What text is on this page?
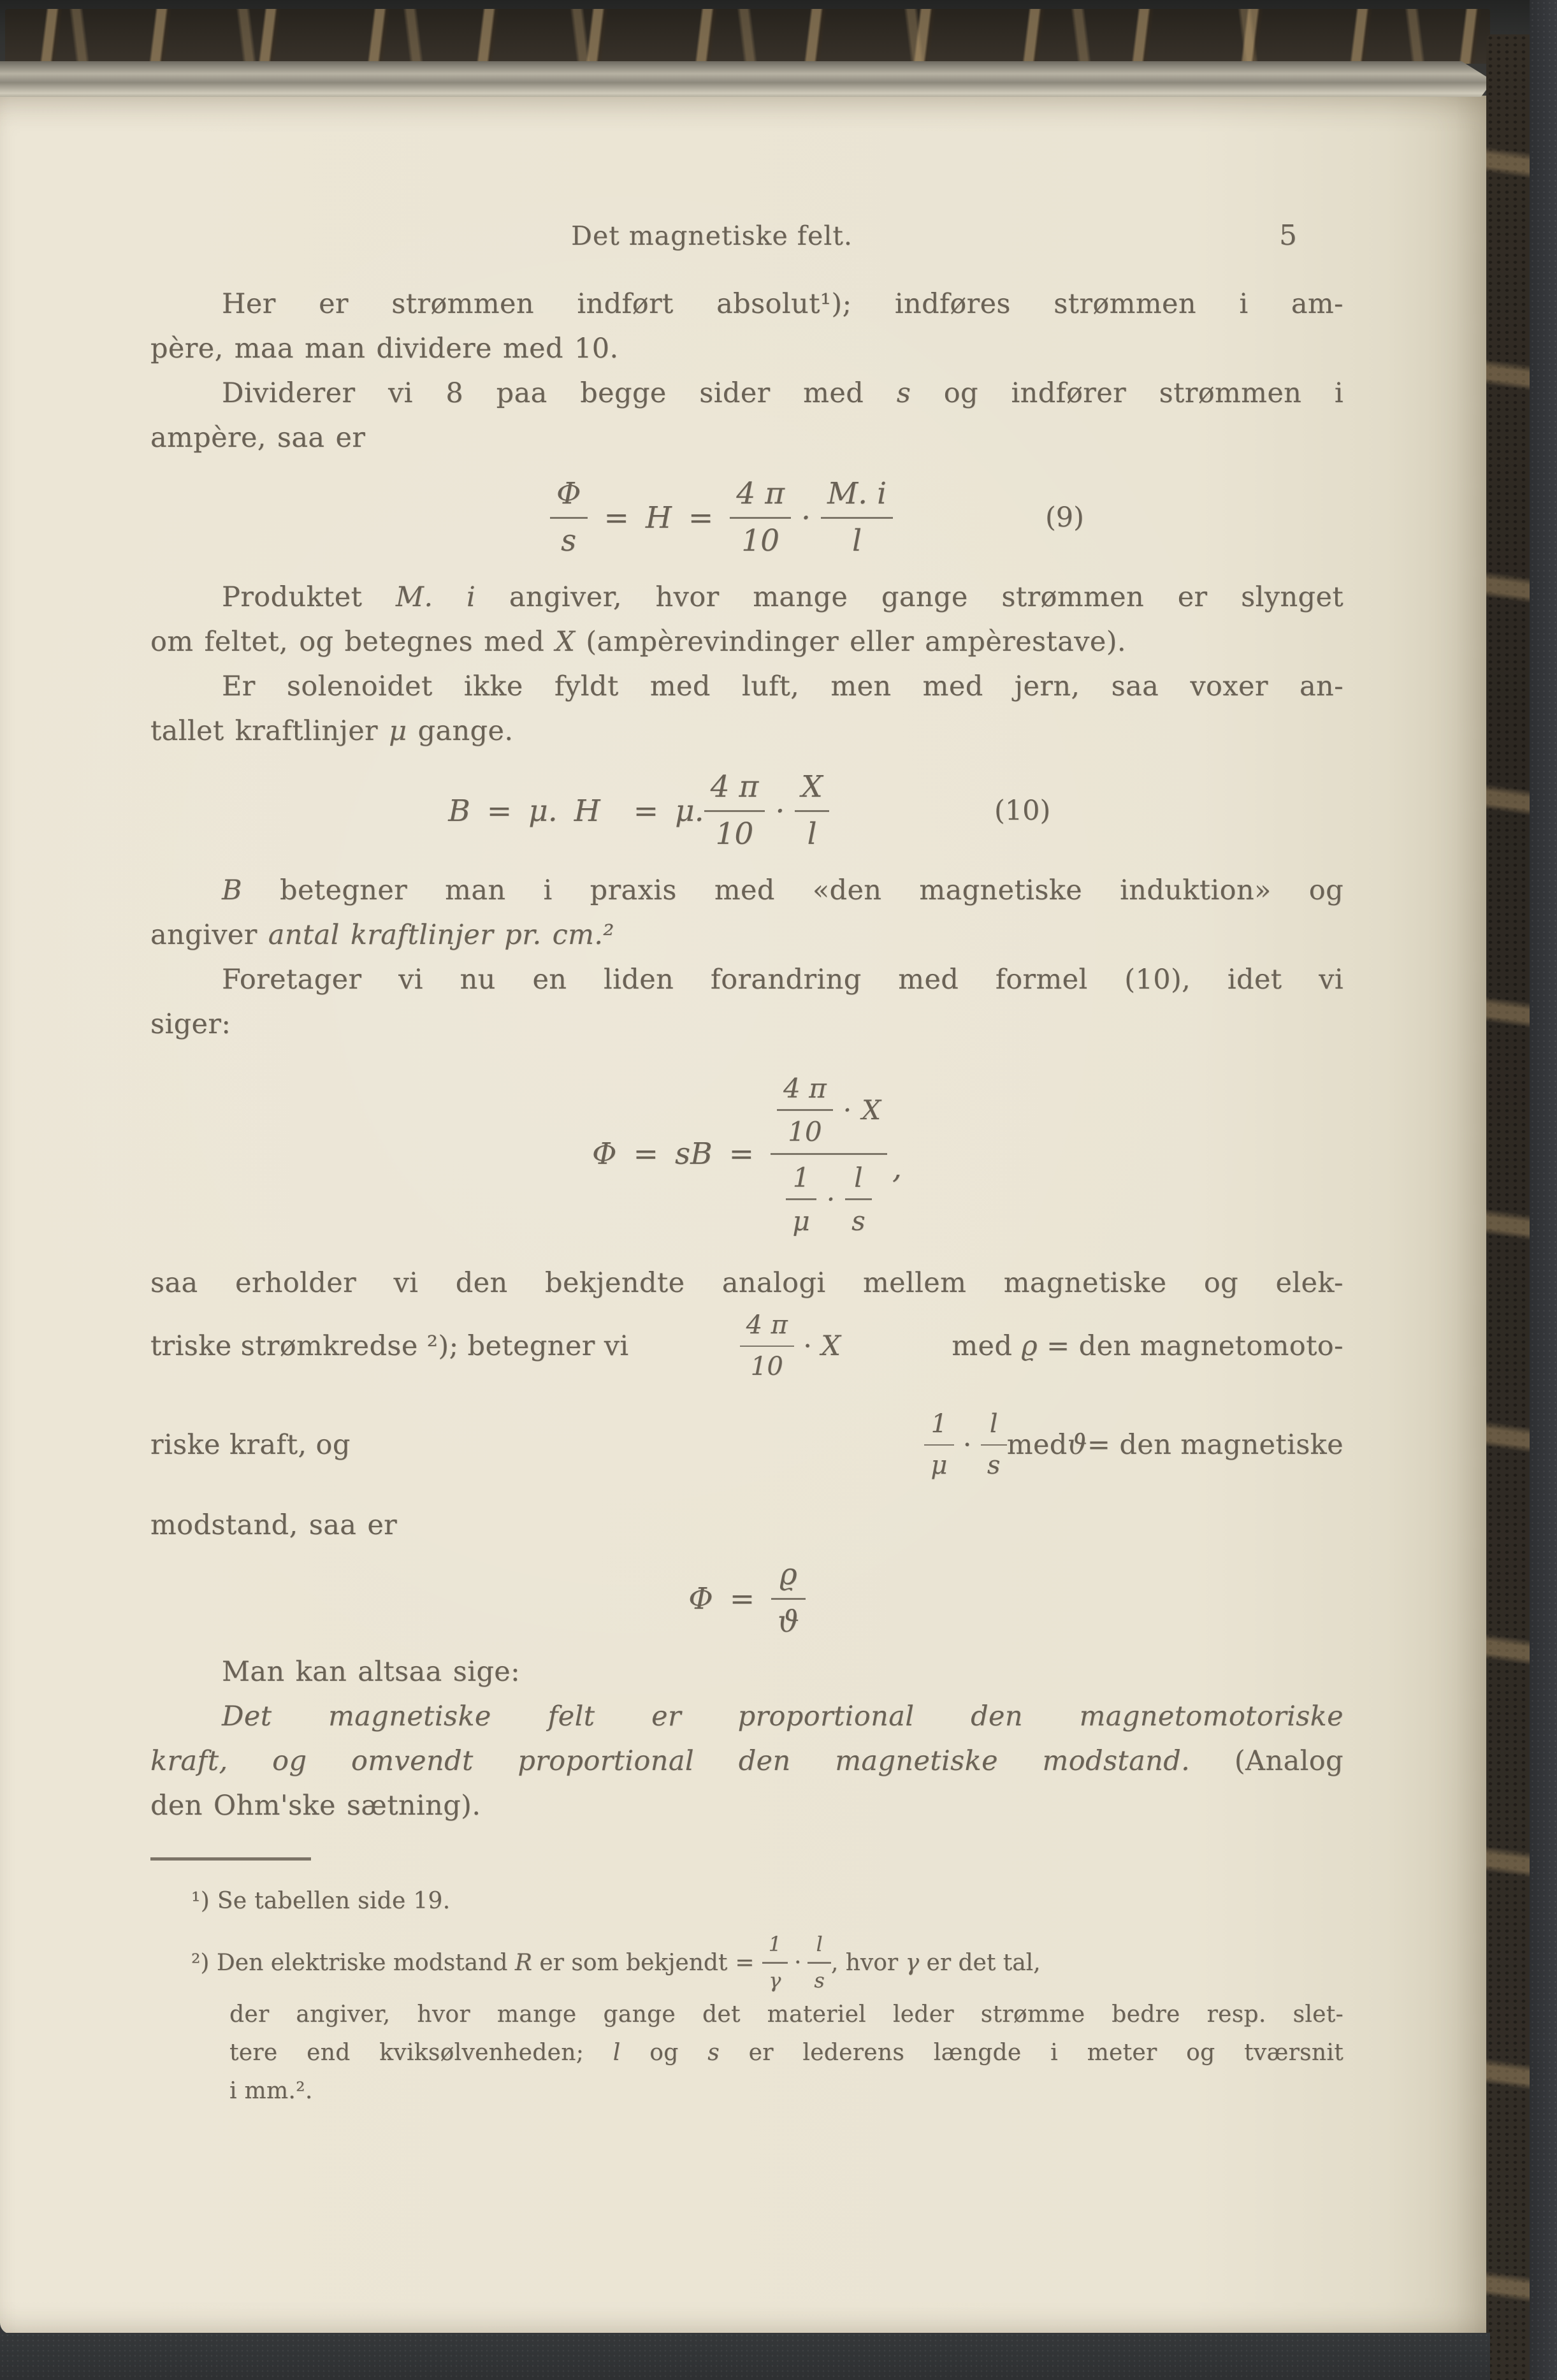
Det magnetiske felt.	5

Her er strømmen indført absolut¹); indføres strømmen i am-

père, maa man dividere med 10.

Dividerer vi 8 paa begge sider med s og indfører strømmen i

ampère, saa er

$\frac{\Phi}{s} = H = \frac{4 \pi}{10} \cdot \frac{M. i}{l}$	(9)

Produktet M. i angiver, hvor mange gange strømmen er slynget

om feltet, og betegnes med X (ampèrevindinger eller ampèrestave).

Er solenoidet ikke fyldt med luft, men med jern, saa voxer an-

tallet kraftlinjer μ gange.

B = μ. H = μ. $\frac{4 \pi}{10} \cdot \frac{X}{l}$	(10)

B betegner man i praxis med «den magnetiske induktion» og

angiver antal kraftlinjer pr. cm.²

Foretager vi nu en liden forandring med formel (10), idet vi

siger:

Φ = sB = $\frac{\frac{4 \pi}{10} \cdot X}{\frac{1}{\mu} \cdot \frac{l}{s}}$ ,

saa erholder vi den bekjendte analogi mellem magnetiske og elek-

triske strømkredse ²); betegner vi	$\frac{4 \pi}{10} \cdot X$	med ϱ = den magnetomoto-
riske kraft, og	$\frac{1}{\mu} \cdot \frac{l}{s}$ med ϑ = den magnetiske

modstand, saa er

$\Phi = \frac{ϱ}{ϑ}$

Man kan altsaa sige:

Det magnetiske felt er proportional den magnetomotoriske

kraft, og omvendt proportional den magnetiske modstand. (Analog

den Ohm'ske sætning).

¹) Se tabellen side 19.

²) Den elektriske modstand R er som bekjendt = $\frac{1}{\gamma} \cdot \frac{l}{s}$ , hvor γ er det tal,

der angiver, hvor mange gange det materiel leder strømme bedre resp. slet-

tere end kviksølvenheden; l og s er lederens længde i meter og tværsnit

i mm.².
